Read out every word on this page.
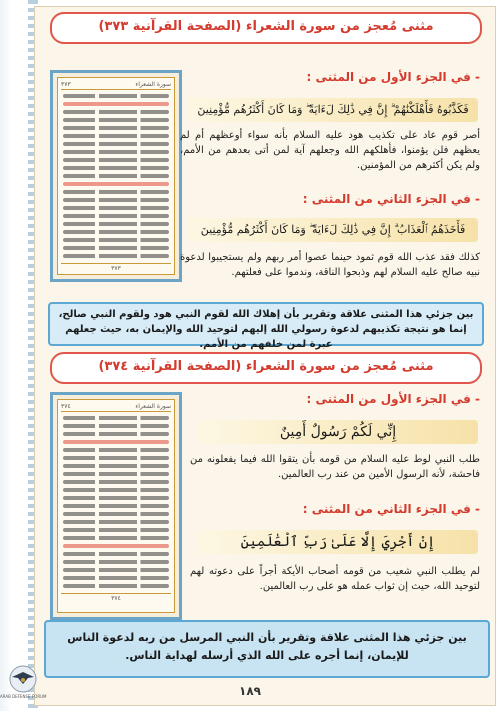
مثنى مُعجز من سورة الشعراء (الصفحة القرآنية ٣٧٣)
سورة الشعراء
٣٧٣
٣٧٣
- في الجزء الأول من المثنى :
فَكَذَّبُوهُ فَأَهْلَكْنَٰهُمْ ۗ إِنَّ فِي ذَٰلِكَ لَءَايَةً ۖ وَمَا كَانَ أَكْثَرُهُم مُّؤْمِنِينَ
أصر قوم عاد على تكذيب هود عليه السلام بأنه سواء أوعظهم أم لم يعظهم فلن يؤمنوا، فأهلكهم الله وجعلهم آية لمن أتى بعدهم من الأمم، ولم يكن أكثرهم من المؤمنين.
- في الجزء الثاني من المثنى :
فَأَخَذَهُمُ ٱلْعَذَابُ ۗ إِنَّ فِي ذَٰلِكَ لَءَايَةً ۖ وَمَا كَانَ أَكْثَرُهُم مُّؤْمِنِينَ
كذلك فقد عذب الله قوم ثمود حينما عصوا أمر ربهم ولم يستجيبوا لدعوة نبيه صالح عليه السلام لهم وذبحوا الناقة، وندموا على فعلتهم.
بين جزئي هذا المثنى علاقة وتقرير بأن إهلاك الله لقوم النبي هود ولقوم النبي صالح، إنما هو نتيجة تكذيبهم لدعوة رسولي الله إليهم لتوحيد الله والإيمان به، حيث جعلهم عبرة لمن خلفهم من الأمم.
مثنى مُعجز من سورة الشعراء (الصفحة القرآنية ٣٧٤)
سورة الشعراء
٣٧٤
٣٧٤
- في الجزء الأول من المثنى :
إِنِّي لَكُمْ رَسُولٌ أَمِينٌ
طلب النبي لوط عليه السلام من قومه بأن يتقوا الله فيما يفعلونه من فاحشة، لأنه الرسول الأمين من عند رب العالمين.
- في الجزء الثاني من المثنى :
إِنْ أَجْرِيَ إِلَّا عَلَىٰ رَبِّ ٱلْعَٰلَمِينَ
لم يطلب النبي شعيب من قومه أصحاب الأيكة أجراً على دعوته لهم لتوحيد الله، حيث إن ثواب عمله هو على رب العالمين.
بين جزئي هذا المثنى علاقة وتقرير بأن النبي المرسل من ربه لدعوة الناس للإيمان، إنما أجره على الله الذي أرسله لهداية الناس.
١٨٩
ARAB DEFENSE FORUM
